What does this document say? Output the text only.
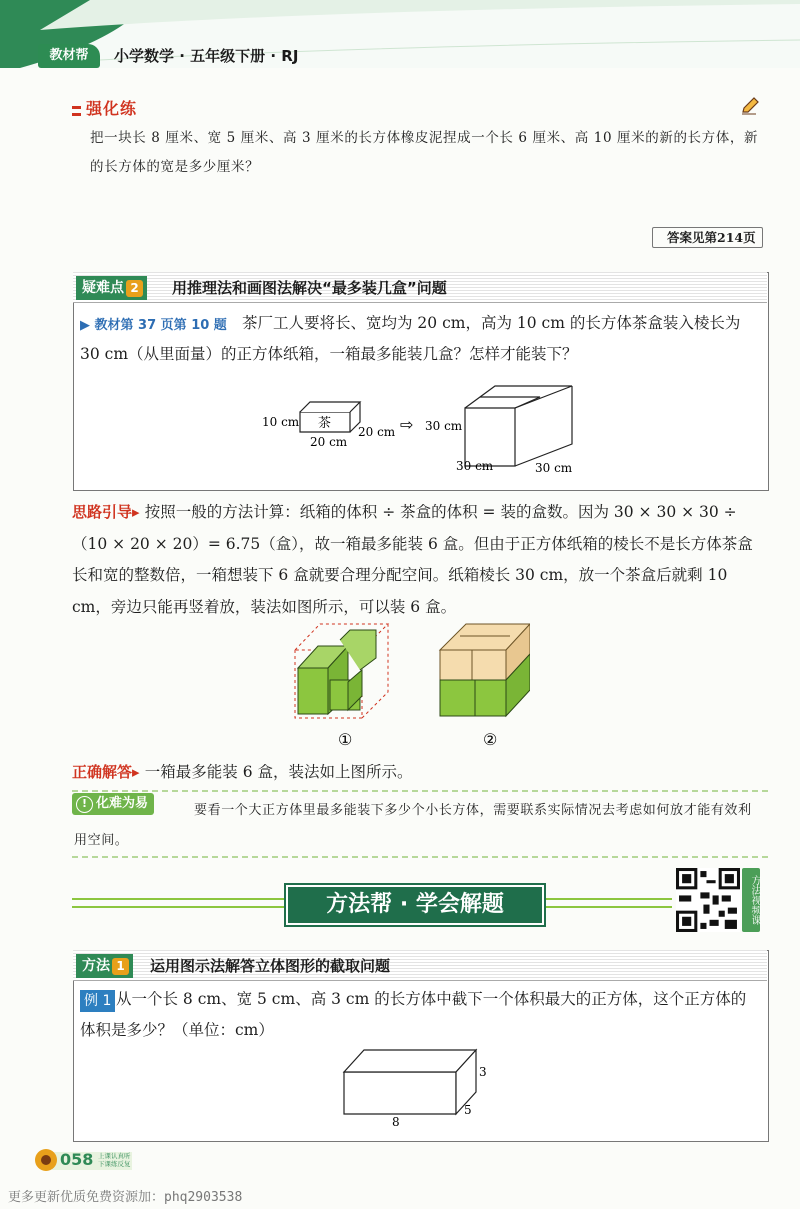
教材帮	小学数学 · 五年级下册 · RJ
强化练
把一块长 8 厘米、宽 5 厘米、高 3 厘米的长方体橡皮泥捏成一个长 6 厘米、高 10 厘米的新的长方体，新的长方体的宽是多少厘米？
答案见第214页
疑难点 2	用推理法和画图法解决“最多装几盒”问题
茶厂工人要将长、宽均为 20 cm，高为 10 cm 的长方体茶盒装入棱长为 30 cm（从里面量）的正方体纸箱，一箱最多能装几盒？怎样才能装下？
▶ 教材第 37 页第 10 题
茶
10 cm
20 cm
20 cm ⇨ 30 cm
30 cm	30 cm
思路引导▸ 按照一般的方法计算：纸箱的体积 ÷ 茶盒的体积 = 装的盒数。因为 30 × 30 × 30 ÷（10 × 20 × 20）= 6.75（盒），故一箱最多能装 6 盒。但由于正方体纸箱的棱长不是长方体茶盒长和宽的整数倍，一箱想装下 6 盒就要合理分配空间。纸箱棱长 30 cm，放一个茶盒后就剩 10 cm，旁边只能再竖着放，装法如图所示，可以装 6 盒。
①	②
正确解答▸ 一箱最多能装 6 盒，装法如上图所示。
! 化难为易	要看一个大正方体里最多能装下多少个小长方体，需要联系实际情况去考虑如何放才能有效利用空间。
方法帮 · 学会解题	方法视频课
方法 1	运用图示法解答立体图形的截取问题
从一个长 8 cm、宽 5 cm、高 3 cm 的长方体中截下一个体积最大的正方体，这个正方体的体积是多少？（单位：cm）
例 1
8
5
3
058 上课认真听
下课练反复
更多更新优质免费资源加：phq2903538
